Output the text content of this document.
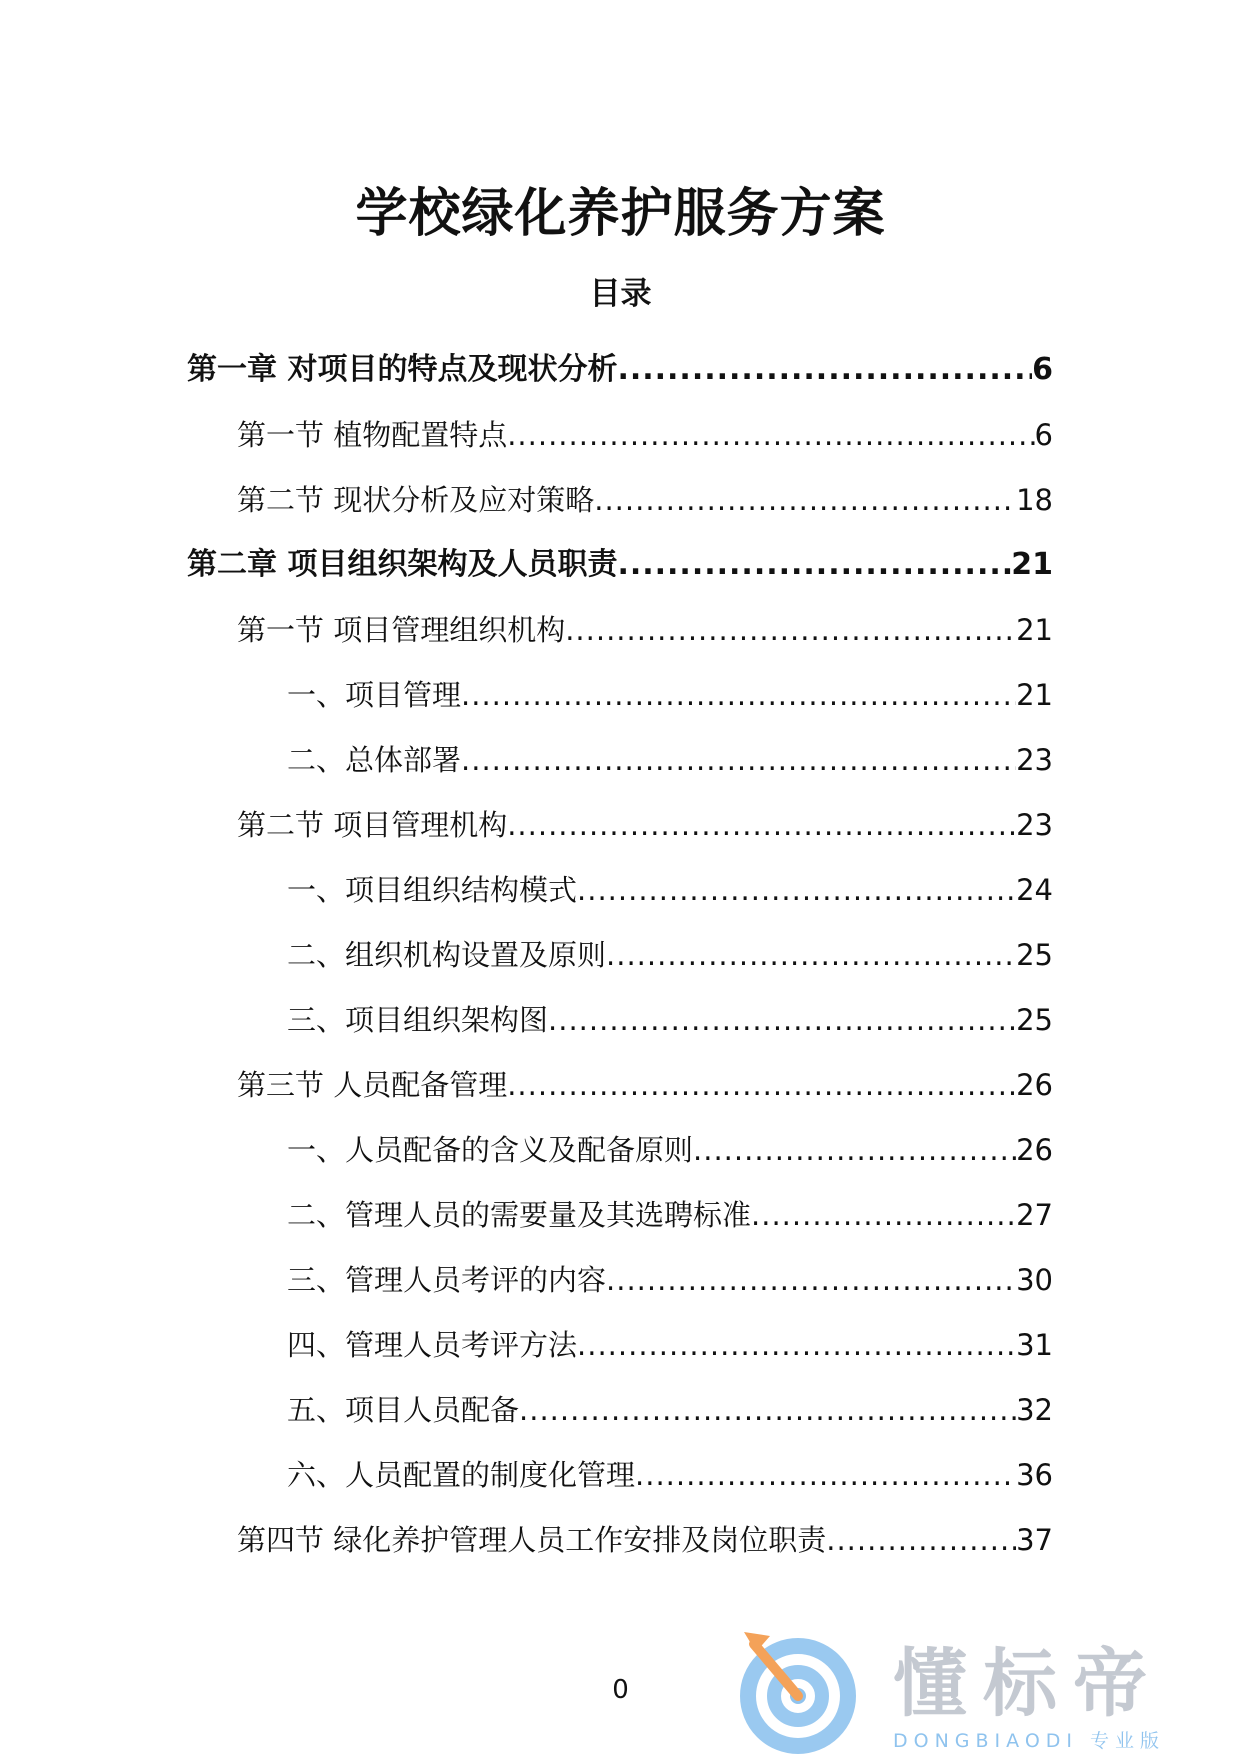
学校绿化养护服务方案
目录
第一章 对项目的特点及现状分析 .....	6
第一节 植物配置特点 .....	6
第二节 现状分析及应对策略 .....	18
第二章 项目组织架构及人员职责 .....	21
第一节 项目管理组织机构 .....	21
一、项目管理 .....	21
二、总体部署 .....	23
第二节 项目管理机构 .....	23
一、项目组织结构模式 .....	24
二、组织机构设置及原则 .....	25
三、项目组织架构图 .....	25
第三节 人员配备管理 .....	26
一、人员配备的含义及配备原则 .....	26
二、管理人员的需要量及其选聘标准 .....	27
三、管理人员考评的内容 .....	30
四、管理人员考评方法 .....	31
五、项目人员配备 .....	32
六、人员配置的制度化管理 .....	36
第四节 绿化养护管理人员工作安排及岗位职责 .....	37
0	懂标帝
DONGBIAODI 专业版
